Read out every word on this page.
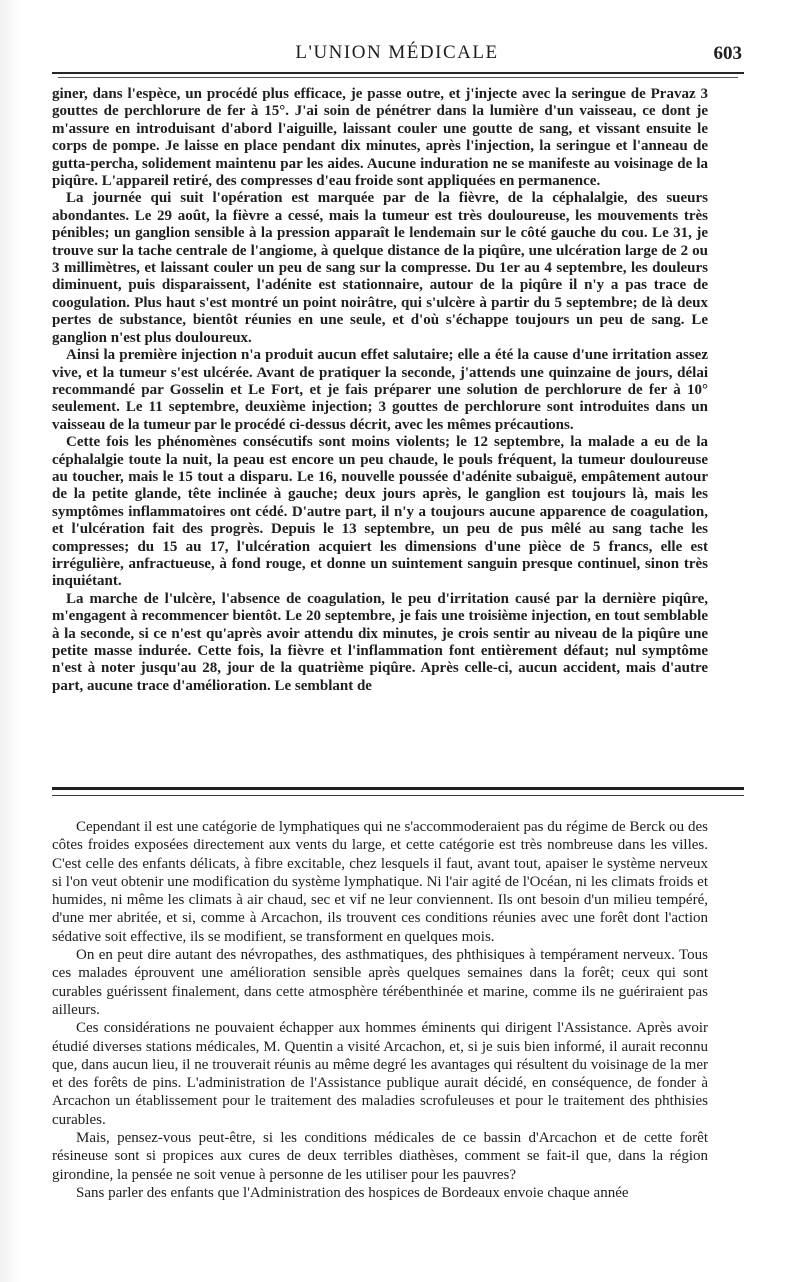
L'UNION MÉDICALE	603

giner, dans l'espèce, un procédé plus efficace, je passe outre, et j'injecte avec la seringue de Pravaz 3 gouttes de perchlorure de fer à 15°. J'ai soin de pénétrer dans la lumière d'un vaisseau, ce dont je m'assure en introduisant d'abord l'aiguille, laissant couler une goutte de sang, et vissant ensuite le corps de pompe. Je laisse en place pendant dix minutes, après l'injection, la seringue et l'anneau de gutta-percha, solidement maintenu par les aides. Aucune induration ne se manifeste au voisinage de la piqûre. L'appareil retiré, des compresses d'eau froide sont appliquées en permanence.

La journée qui suit l'opération est marquée par de la fièvre, de la céphalalgie, des sueurs abondantes. Le 29 août, la fièvre a cessé, mais la tumeur est très douloureuse, les mouvements très pénibles; un ganglion sensible à la pression apparaît le lendemain sur le côté gauche du cou. Le 31, je trouve sur la tache centrale de l'angiome, à quelque distance de la piqûre, une ulcération large de 2 ou 3 millimètres, et laissant couler un peu de sang sur la compresse. Du 1er au 4 septembre, les douleurs diminuent, puis disparaissent, l'adénite est stationnaire, autour de la piqûre il n'y a pas trace de coogulation. Plus haut s'est montré un point noirâtre, qui s'ulcère à partir du 5 septembre; de là deux pertes de substance, bientôt réunies en une seule, et d'où s'échappe toujours un peu de sang. Le ganglion n'est plus douloureux.

Ainsi la première injection n'a produit aucun effet salutaire; elle a été la cause d'une irritation assez vive, et la tumeur s'est ulcérée. Avant de pratiquer la seconde, j'attends une quinzaine de jours, délai recommandé par Gosselin et Le Fort, et je fais préparer une solution de perchlorure de fer à 10° seulement. Le 11 septembre, deuxième injection; 3 gouttes de perchlorure sont introduites dans un vaisseau de la tumeur par le procédé ci-dessus décrit, avec les mêmes précautions.

Cette fois les phénomènes consécutifs sont moins violents; le 12 septembre, la malade a eu de la céphalalgie toute la nuit, la peau est encore un peu chaude, le pouls fréquent, la tumeur douloureuse au toucher, mais le 15 tout a disparu. Le 16, nouvelle poussée d'adénite subaiguë, empâtement autour de la petite glande, tête inclinée à gauche; deux jours après, le ganglion est toujours là, mais les symptômes inflammatoires ont cédé. D'autre part, il n'y a toujours aucune apparence de coagulation, et l'ulcération fait des progrès. Depuis le 13 septembre, un peu de pus mêlé au sang tache les compresses; du 15 au 17, l'ulcération acquiert les dimensions d'une pièce de 5 francs, elle est irrégulière, anfractueuse, à fond rouge, et donne un suintement sanguin presque continuel, sinon très inquiétant.

La marche de l'ulcère, l'absence de coagulation, le peu d'irritation causé par la dernière piqûre, m'engagent à recommencer bientôt. Le 20 septembre, je fais une troisième injection, en tout semblable à la seconde, si ce n'est qu'après avoir attendu dix minutes, je crois sentir au niveau de la piqûre une petite masse indurée. Cette fois, la fièvre et l'inflammation font entièrement défaut; nul symptôme n'est à noter jusqu'au 28, jour de la quatrième piqûre. Après celle-ci, aucun accident, mais d'autre part, aucune trace d'amélioration. Le semblant de

Cependant il est une catégorie de lymphatiques qui ne s'accommoderaient pas du régime de Berck ou des côtes froides exposées directement aux vents du large, et cette catégorie est très nombreuse dans les villes. C'est celle des enfants délicats, à fibre excitable, chez lesquels il faut, avant tout, apaiser le système nerveux si l'on veut obtenir une modification du système lymphatique. Ni l'air agité de l'Océan, ni les climats froids et humides, ni même les climats à air chaud, sec et vif ne leur conviennent. Ils ont besoin d'un milieu tempéré, d'une mer abritée, et si, comme à Arcachon, ils trouvent ces conditions réunies avec une forêt dont l'action sédative soit effective, ils se modifient, se transforment en quelques mois.

On en peut dire autant des névropathes, des asthmatiques, des phthisiques à tempérament nerveux. Tous ces malades éprouvent une amélioration sensible après quelques semaines dans la forêt; ceux qui sont curables guérissent finalement, dans cette atmosphère térébenthinée et marine, comme ils ne guériraient pas ailleurs.

Ces considérations ne pouvaient échapper aux hommes éminents qui dirigent l'Assistance. Après avoir étudié diverses stations médicales, M. Quentin a visité Arcachon, et, si je suis bien informé, il aurait reconnu que, dans aucun lieu, il ne trouverait réunis au même degré les avantages qui résultent du voisinage de la mer et des forêts de pins. L'administration de l'Assistance publique aurait décidé, en conséquence, de fonder à Arcachon un établissement pour le traitement des maladies scrofuleuses et pour le traitement des phthisies curables.

Mais, pensez-vous peut-être, si les conditions médicales de ce bassin d'Arcachon et de cette forêt résineuse sont si propices aux cures de deux terribles diathèses, comment se fait-il que, dans la région girondine, la pensée ne soit venue à personne de les utiliser pour les pauvres?

Sans parler des enfants que l'Administration des hospices de Bordeaux envoie chaque année
